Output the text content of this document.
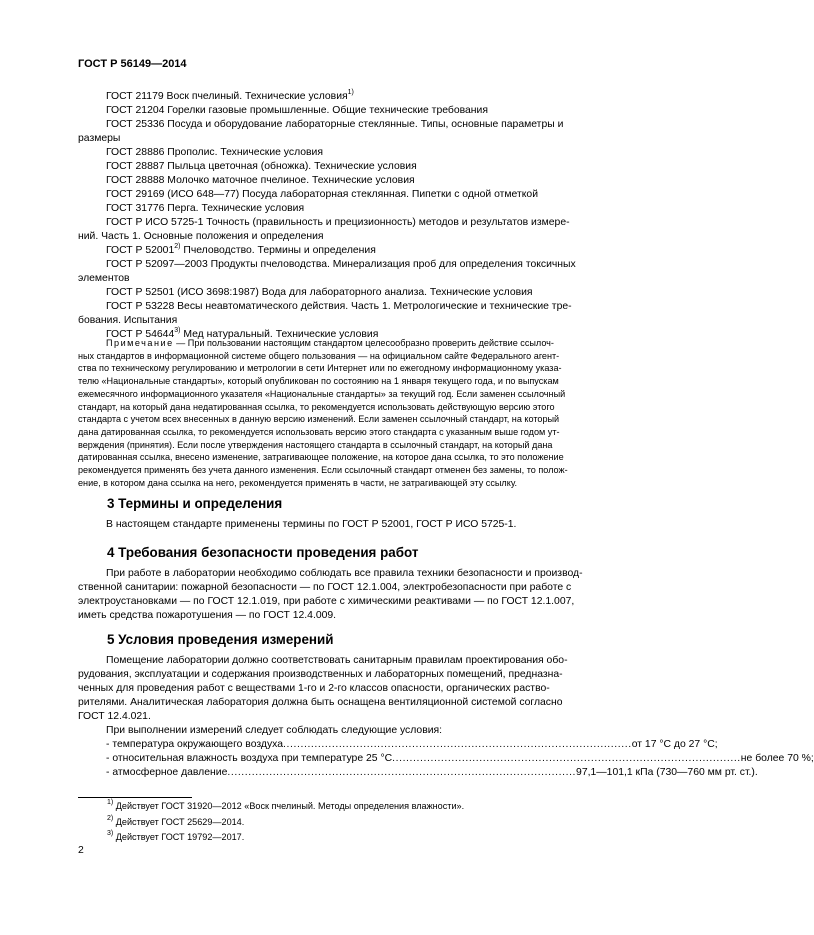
ГОСТ Р 56149—2014
ГОСТ 21179 Воск пчелиный. Технические условия$^{1)}$
ГОСТ 21204 Горелки газовые промышленные. Общие технические требования
ГОСТ 25336 Посуда и оборудование лабораторные стеклянные. Типы, основные параметры и
размеры
ГОСТ 28886 Прополис. Технические условия
ГОСТ 28887 Пыльца цветочная (обножка). Технические условия
ГОСТ 28888 Молочко маточное пчелиное. Технические условия
ГОСТ 29169 (ИСО 648—77) Посуда лабораторная стеклянная. Пипетки с одной отметкой
ГОСТ 31776 Перга. Технические условия
ГОСТ Р ИСО 5725-1 Точность (правильность и прецизионность) методов и результатов измере-
ний. Часть 1. Основные положения и определения
ГОСТ Р 52001$^{2)}$ Пчеловодство. Термины и определения
ГОСТ Р 52097—2003 Продукты пчеловодства. Минерализация проб для определения токсичных
элементов
ГОСТ Р 52501 (ИСО 3698:1987) Вода для лабораторного анализа. Технические условия
ГОСТ Р 53228 Весы неавтоматического действия. Часть 1. Метрологические и технические тре-
бования. Испытания
ГОСТ Р 54644$^{3)}$ Мед натуральный. Технические условия
Примечание — При пользовании настоящим стандартом целесообразно проверить действие ссылоч-
ных стандартов в информационной системе общего пользования — на официальном сайте Федерального агент-
ства по техническому регулированию и метрологии в сети Интернет или по ежегодному информационному указа-
телю «Национальные стандарты», который опубликован по состоянию на 1 января текущего года, и по выпускам
ежемесячного информационного указателя «Национальные стандарты» за текущий год. Если заменен ссылочный
стандарт, на который дана недатированная ссылка, то рекомендуется использовать действующую версию этого
стандарта с учетом всех внесенных в данную версию изменений. Если заменен ссылочный стандарт, на который
дана датированная ссылка, то рекомендуется использовать версию этого стандарта с указанным выше годом ут-
верждения (принятия). Если после утверждения настоящего стандарта в ссылочный стандарт, на который дана
датированная ссылка, внесено изменение, затрагивающее положение, на которое дана ссылка, то это положение
рекомендуется применять без учета данного изменения. Если ссылочный стандарт отменен без замены, то полож-
ение, в котором дана ссылка на него, рекомендуется применять в части, не затрагивающей эту ссылку.
3 Термины и определения
В настоящем стандарте применены термины по ГОСТ Р 52001, ГОСТ Р ИСО 5725-1.
4 Требования безопасности проведения работ
При работе в лаборатории необходимо соблюдать все правила техники безопасности и производ-
ственной санитарии: пожарной безопасности — по ГОСТ 12.1.004, электробезопасности при работе с
электроустановками — по ГОСТ 12.1.019, при работе с химическими реактивами — по ГОСТ 12.1.007,
иметь средства пожаротушения — по ГОСТ 12.4.009.
5 Условия проведения измерений
Помещение лаборатории должно соответствовать санитарным правилам проектирования обо-
рудования, эксплуатации и содержания производственных и лабораторных помещений, предназна-
ченных для проведения работ с веществами 1-го и 2-го классов опасности, органических раство-
рителями. Аналитическая лаборатория должна быть оснащена вентиляционной системой согласно
ГОСТ 12.4.021.
При выполнении измерений следует соблюдать следующие условия:
- температура окружающего воздуха .................................................................................................... от 17 °С до 27 °С;
- относительная влажность воздуха при температуре 25 °С .................................................................................................... не более 70 %;
- атмосферное давление .................................................................................................... 97,1—101,1 кПа (730—760 мм рт. ст.).
$^{1)}$ Действует ГОСТ 31920—2012 «Воск пчелиный. Методы определения влажности».
$^{2)}$ Действует ГОСТ 25629—2014.
$^{3)}$ Действует ГОСТ 19792—2017.
2
